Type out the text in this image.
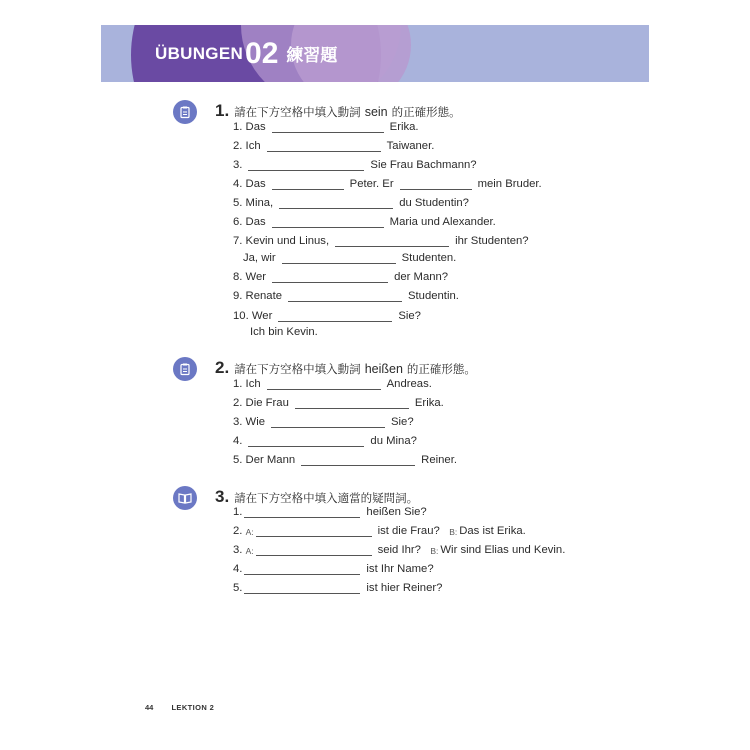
ÜBUNGEN 02 練習題
1. 請在下方空格中填入動詞 sein 的正確形態。
1. Das	Erika.
2. Ich	Taiwaner.
3.	Sie Frau Bachmann?
4. Das	Peter. Er	mein Bruder.
5. Mina,	du Studentin?
6. Das	Maria und Alexander.
7. Kevin und Linus,	ihr Studenten?
Ja, wir	Studenten.
8. Wer	der Mann?
9. Renate	Studentin.
10. Wer	Sie?
Ich bin Kevin.
2. 請在下方空格中填入動詞 heißen 的正確形態。
1. Ich	Andreas.
2. Die Frau	Erika.
3. Wie	Sie?
4.	du Mina?
5. Der Mann	Reiner.
3. 請在下方空格中填入適當的疑問詞。
1.	heißen Sie?
2.
A:	ist die Frau?
B: Das ist Erika.
3.
A:	seid Ihr?
B: Wir sind Elias und Kevin.
4.	ist Ihr Name?
5.	ist hier Reiner?
44 LEKTION 2
